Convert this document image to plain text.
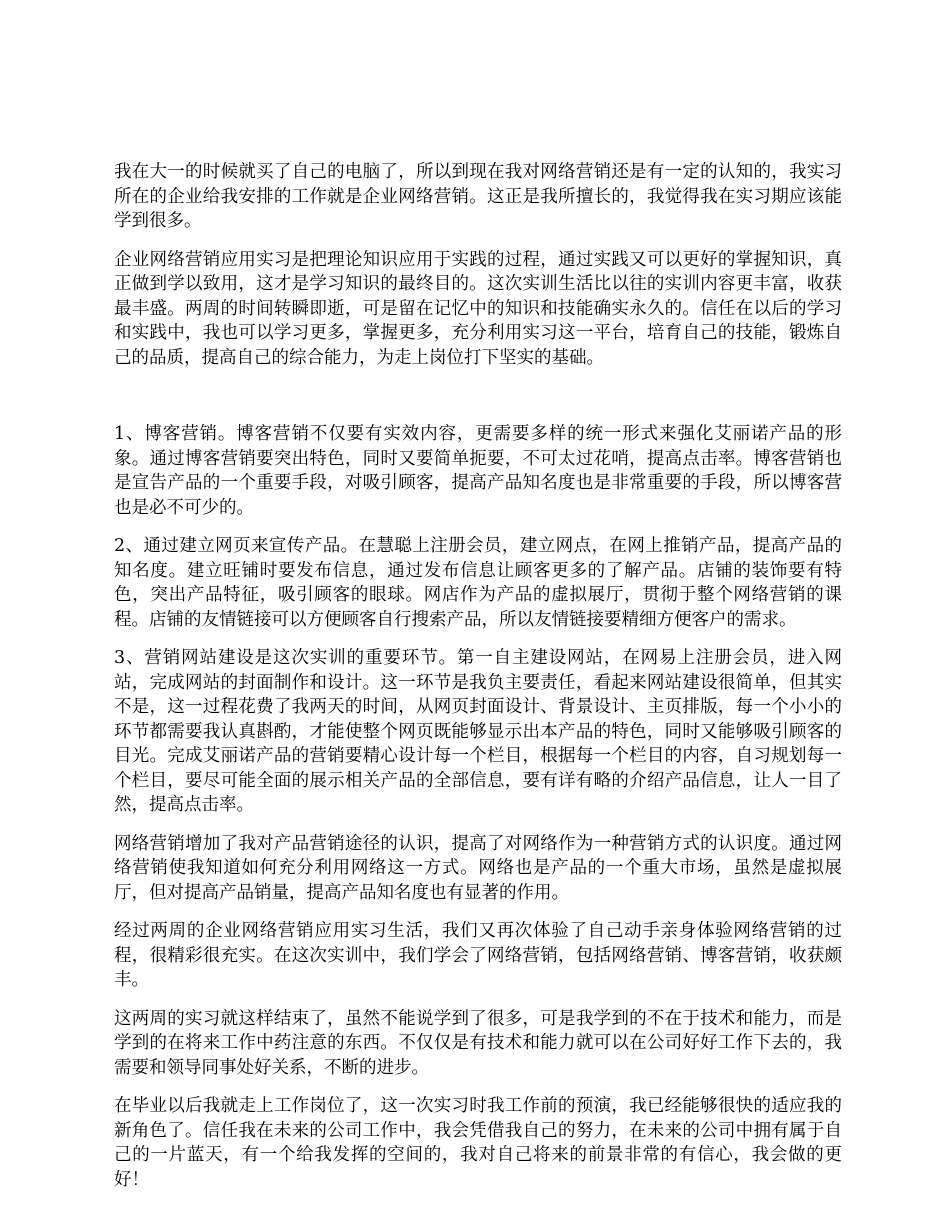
我在大一的时候就买了自己的电脑了，所以到现在我对网络营销还是有一定的认知的，我实习所在的企业给我安排的工作就是企业网络营销。这正是我所擅长的，我觉得我在实习期应该能学到很多。

企业网络营销应用实习是把理论知识应用于实践的过程，通过实践又可以更好的掌握知识，真正做到学以致用，这才是学习知识的最终目的。这次实训生活比以往的实训内容更丰富，收获最丰盛。两周的时间转瞬即逝，可是留在记忆中的知识和技能确实永久的。信任在以后的学习和实践中，我也可以学习更多，掌握更多，充分利用实习这一平台，培育自己的技能，锻炼自己的品质，提高自己的综合能力，为走上岗位打下坚实的基础。

1、博客营销。博客营销不仅要有实效内容，更需要多样的统一形式来强化艾丽诺产品的形象。通过博客营销要突出特色，同时又要简单扼要，不可太过花哨，提高点击率。博客营销也是宣告产品的一个重要手段，对吸引顾客，提高产品知名度也是非常重要的手段，所以博客营也是必不可少的。

2、通过建立网页来宣传产品。在慧聪上注册会员，建立网点，在网上推销产品，提高产品的知名度。建立旺铺时要发布信息，通过发布信息让顾客更多的了解产品。店铺的装饰要有特色，突出产品特征，吸引顾客的眼球。网店作为产品的虚拟展厅，贯彻于整个网络营销的课程。店铺的友情链接可以方便顾客自行搜索产品，所以友情链接要精细方便客户的需求。

3、营销网站建设是这次实训的重要环节。第一自主建设网站，在网易上注册会员，进入网站，完成网站的封面制作和设计。这一环节是我负主要责任，看起来网站建设很简单，但其实不是，这一过程花费了我两天的时间，从网页封面设计、背景设计、主页排版，每一个小小的环节都需要我认真斟酌，才能使整个网页既能够显示出本产品的特色，同时又能够吸引顾客的目光。完成艾丽诺产品的营销要精心设计每一个栏目，根据每一个栏目的内容，自习规划每一个栏目，要尽可能全面的展示相关产品的全部信息，要有详有略的介绍产品信息，让人一目了然，提高点击率。

网络营销增加了我对产品营销途径的认识，提高了对网络作为一种营销方式的认识度。通过网络营销使我知道如何充分利用网络这一方式。网络也是产品的一个重大市场，虽然是虚拟展厅，但对提高产品销量，提高产品知名度也有显著的作用。

经过两周的企业网络营销应用实习生活，我们又再次体验了自己动手亲身体验网络营销的过程，很精彩很充实。在这次实训中，我们学会了网络营销，包括网络营销、博客营销，收获颇丰。

这两周的实习就这样结束了，虽然不能说学到了很多，可是我学到的不在于技术和能力，而是学到的在将来工作中药注意的东西。不仅仅是有技术和能力就可以在公司好好工作下去的，我需要和领导同事处好关系，不断的进步。

在毕业以后我就走上工作岗位了，这一次实习时我工作前的预演，我已经能够很快的适应我的新角色了。信任我在未来的公司工作中，我会凭借我自己的努力，在未来的公司中拥有属于自己的一片蓝天，有一个给我发挥的空间的，我对自己将来的前景非常的有信心，我会做的更好！
